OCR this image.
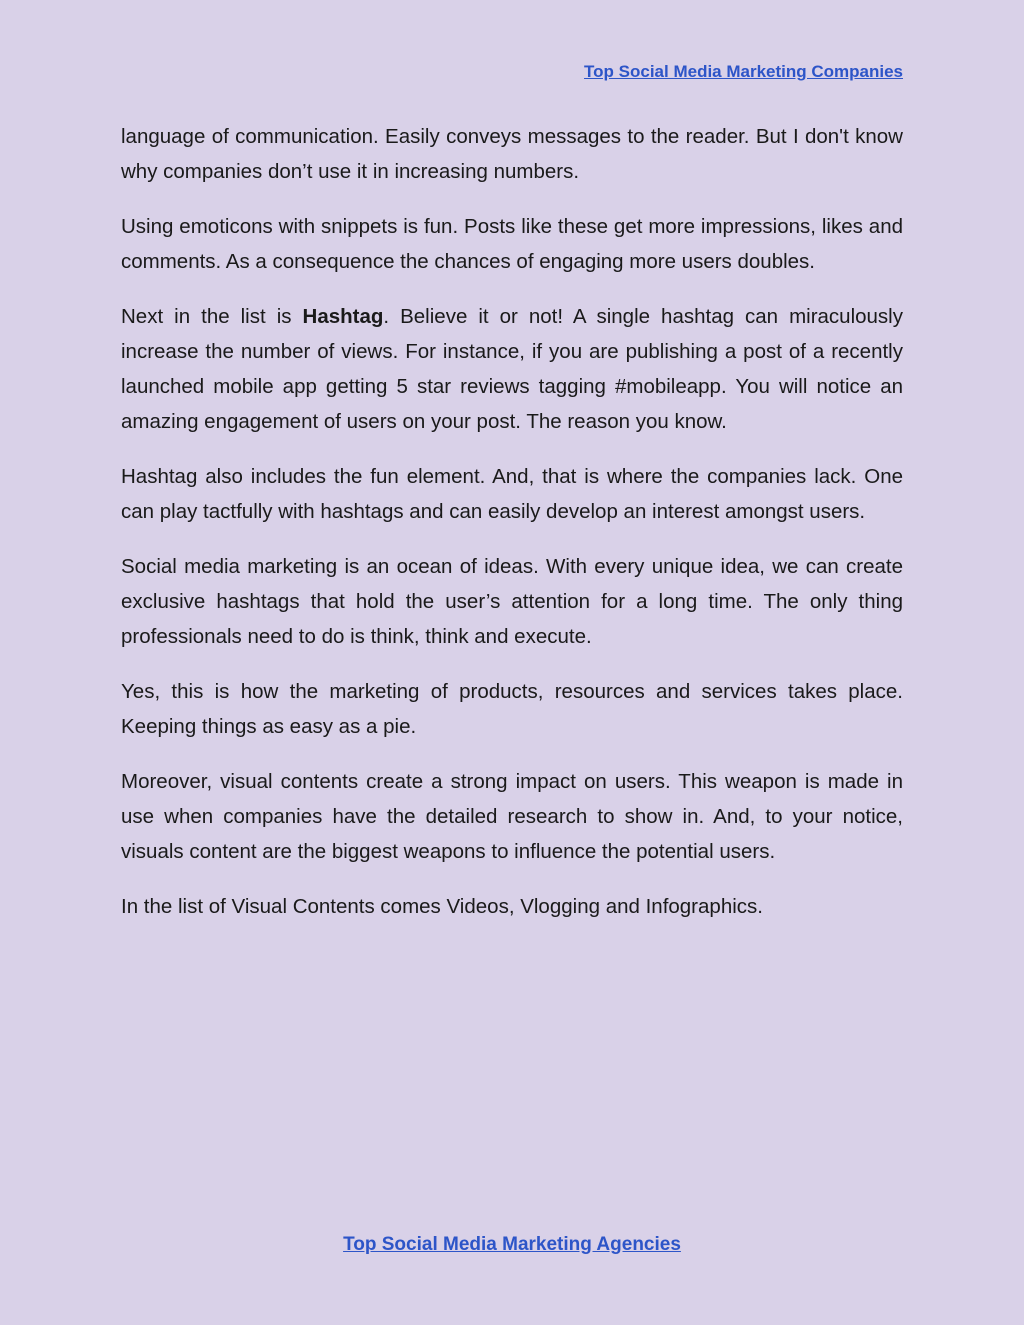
Top Social Media Marketing Companies

language of communication. Easily conveys messages to the reader. But I don't know why companies don’t use it in increasing numbers.

Using emoticons with snippets is fun. Posts like these get more impressions, likes and comments. As a consequence the chances of engaging more users doubles.

Next in the list is Hashtag. Believe it or not! A single hashtag can miraculously increase the number of views. For instance, if you are publishing a post of a recently launched mobile app getting 5 star reviews tagging #mobileapp. You will notice an amazing engagement of users on your post. The reason you know.

Hashtag also includes the fun element. And, that is where the companies lack. One can play tactfully with hashtags and can easily develop an interest amongst users.

Social media marketing is an ocean of ideas. With every unique idea, we can create exclusive hashtags that hold the user’s attention for a long time. The only thing professionals need to do is think, think and execute.

Yes, this is how the marketing of products, resources and services takes place. Keeping things as easy as a pie.

Moreover, visual contents create a strong impact on users. This weapon is made in use when companies have the detailed research to show in. And, to your notice, visuals content are the biggest weapons to influence the potential users.

In the list of Visual Contents comes Videos, Vlogging and Infographics.

Top Social Media Marketing Agencies
